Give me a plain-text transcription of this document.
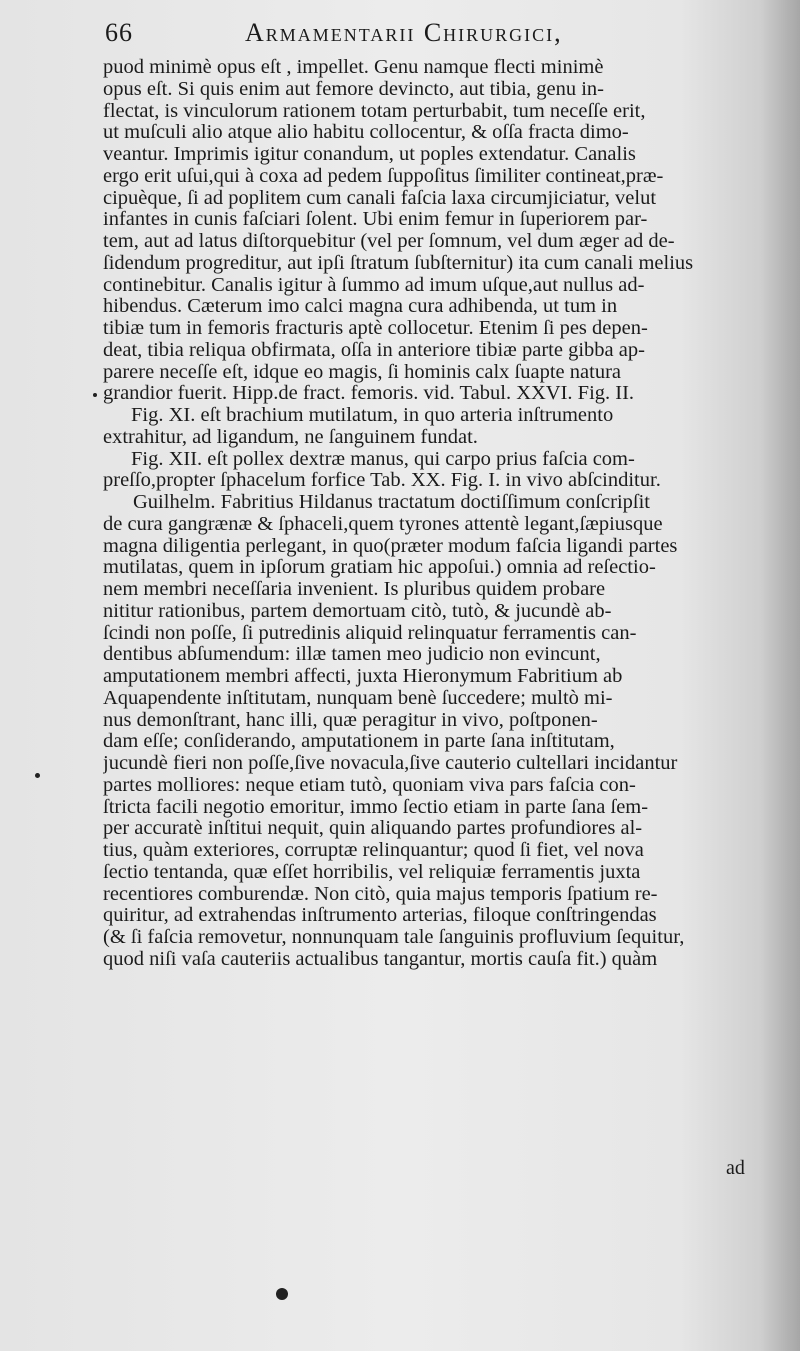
66	Armamentarii Chirurgici,
puod minimè opus eſt , impellet. Genu namque flecti minimè
opus eſt. Si quis enim aut femore devincto, aut tibia, genu in-
flectat, is vinculorum rationem totam perturbabit, tum neceſſe erit,
ut muſculi alio atque alio habitu collocentur, & oſſa fracta dimo-
veantur. Imprimis igitur conandum, ut poples extendatur. Canalis
ergo erit uſui,qui à coxa ad pedem ſuppoſitus ſimiliter contineat,præ-
cipuèque, ſi ad poplitem cum canali faſcia laxa circumjiciatur, velut
infantes in cunis faſciari ſolent. Ubi enim femur in ſuperiorem par-
tem, aut ad latus diſtorquebitur (vel per ſomnum, vel dum æger ad de-
ſidendum progreditur, aut ipſi ſtratum ſubſternitur) ita cum canali melius
continebitur. Canalis igitur à ſummo ad imum uſque,aut nullus ad-
hibendus. Cæterum imo calci magna cura adhibenda, ut tum in
tibiæ tum in femoris fracturis aptè collocetur. Etenim ſi pes depen-
deat, tibia reliqua obfirmata, oſſa in anteriore tibiæ parte gibba ap-
parere neceſſe eſt, idque eo magis, ſi hominis calx ſuapte natura
grandior fuerit. Hipp.de fract. femoris. vid. Tabul. XXVI. Fig. II.
Fig. XI. eſt brachium mutilatum, in quo arteria inſtrumento
extrahitur, ad ligandum, ne ſanguinem fundat.
Fig. XII. eſt pollex dextræ manus, qui carpo prius faſcia com-
preſſo,propter ſphacelum forfice Tab. XX. Fig. I. in vivo abſcinditur.
Guilhelm. Fabritius Hildanus tractatum doctiſſimum conſcripſit
de cura gangrænæ & ſphaceli,quem tyrones attentè legant,ſæpiusque
magna diligentia perlegant, in quo(præter modum faſcia ligandi partes
mutilatas, quem in ipſorum gratiam hic appoſui.) omnia ad reſectio-
nem membri neceſſaria invenient. Is pluribus quidem probare
nititur rationibus, partem demortuam citò, tutò, & jucundè ab-
ſcindi non poſſe, ſi putredinis aliquid relinquatur ferramentis can-
dentibus abſumendum: illæ tamen meo judicio non evincunt,
amputationem membri affecti, juxta Hieronymum Fabritium ab
Aquapendente inſtitutam, nunquam benè ſuccedere; multò mi-
nus demonſtrant, hanc illi, quæ peragitur in vivo, poſtponen-
dam eſſe; conſiderando, amputationem in parte ſana inſtitutam,
jucundè fieri non poſſe,ſive novacula,ſive cauterio cultellari incidantur
partes molliores: neque etiam tutò, quoniam viva pars faſcia con-
ſtricta facili negotio emoritur, immo ſectio etiam in parte ſana ſem-
per accuratè inſtitui nequit, quin aliquando partes profundiores al-
tius, quàm exteriores, corruptæ relinquantur; quod ſi fiet, vel nova
ſectio tentanda, quæ eſſet horribilis, vel reliquiæ ferramentis juxta
recentiores comburendæ. Non citò, quia majus temporis ſpatium re-
quiritur, ad extrahendas inſtrumento arterias, filoque conſtringendas
(& ſi faſcia removetur, nonnunquam tale ſanguinis profluvium ſequitur,
quod niſi vaſa cauteriis actualibus tangantur, mortis cauſa fit.) quàm
ad
